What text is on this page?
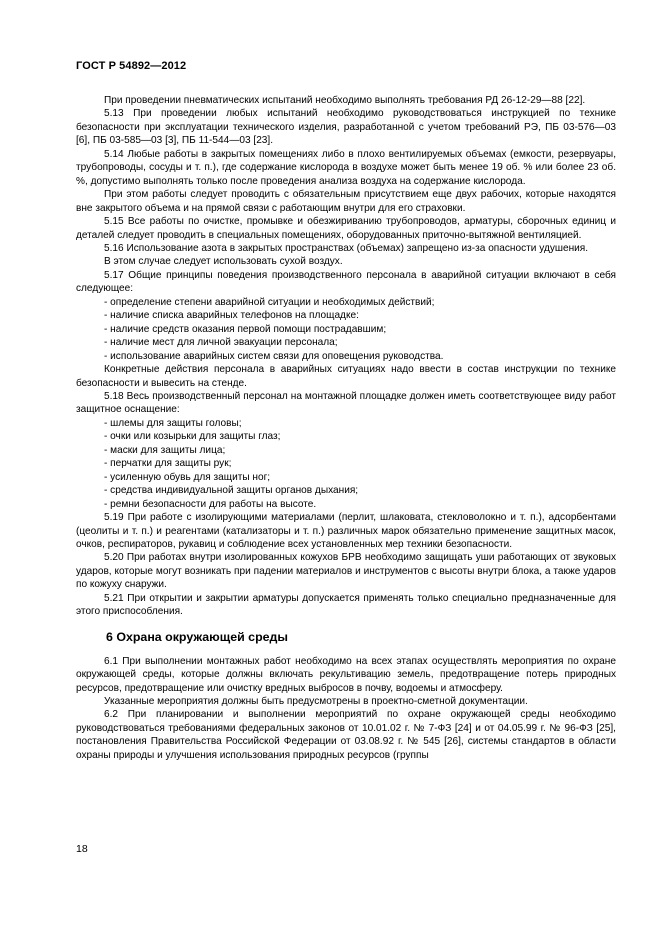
ГОСТ Р 54892—2012

При проведении пневматических испытаний необходимо выполнять требования РД 26-12-29—88 [22].

5.13 При проведении любых испытаний необходимо руководствоваться инструкцией по технике безопасности при эксплуатации технического изделия, разработанной с учетом требований РЭ, ПБ 03-576—03 [6], ПБ 03-585—03 [3], ПБ 11-544—03 [23].

5.14 Любые работы в закрытых помещениях либо в плохо вентилируемых объемах (емкости, резервуары, трубопроводы, сосуды и т. п.), где содержание кислорода в воздухе может быть менее 19 об. % или более 23 об. %, допустимо выполнять только после проведения анализа воздуха на содержание кислорода.

При этом работы следует проводить с обязательным присутствием еще двух рабочих, которые находятся вне закрытого объема и на прямой связи с работающим внутри для его страховки.

5.15 Все работы по очистке, промывке и обезжириванию трубопроводов, арматуры, сборочных единиц и деталей следует проводить в специальных помещениях, оборудованных приточно-вытяжной вентиляцией.

5.16 Использование азота в закрытых пространствах (объемах) запрещено из-за опасности удушения.

В этом случае следует использовать сухой воздух.

5.17 Общие принципы поведения производственного персонала в аварийной ситуации включают в себя следующее:

- определение степени аварийной ситуации и необходимых действий;

- наличие списка аварийных телефонов на площадке:

- наличие средств оказания первой помощи пострадавшим;

- наличие мест для личной эвакуации персонала;

- использование аварийных систем связи для оповещения руководства.

Конкретные действия персонала в аварийных ситуациях надо ввести в состав инструкции по технике безопасности и вывесить на стенде.

5.18 Весь производственный персонал на монтажной площадке должен иметь соответствующее виду работ защитное оснащение:

- шлемы для защиты головы;

- очки или козырьки для защиты глаз;

- маски для защиты лица;

- перчатки для защиты рук;

- усиленную обувь для защиты ног;

- средства индивидуальной защиты органов дыхания;

- ремни безопасности для работы на высоте.

5.19 При работе с изолирующими материалами (перлит, шлаковата, стекловолокно и т. п.), адсорбентами (цеолиты и т. п.) и реагентами (катализаторы и т. п.) различных марок обязательно применение защитных масок, очков, респираторов, рукавиц и соблюдение всех установленных мер техники безопасности.

5.20 При работах внутри изолированных кожухов БРВ необходимо защищать уши работающих от звуковых ударов, которые могут возникать при падении материалов и инструментов с высоты внутри блока, а также ударов по кожуху снаружи.

5.21 При открытии и закрытии арматуры допускается применять только специально предназначенные для этого приспособления.

6 Охрана окружающей среды

6.1 При выполнении монтажных работ необходимо на всех этапах осуществлять мероприятия по охране окружающей среды, которые должны включать рекультивацию земель, предотвращение потерь природных ресурсов, предотвращение или очистку вредных выбросов в почву, водоемы и атмосферу.

Указанные мероприятия должны быть предусмотрены в проектно-сметной документации.

6.2 При планировании и выполнении мероприятий по охране окружающей среды необходимо руководствоваться требованиями федеральных законов от 10.01.02 г. № 7-ФЗ [24] и от 04.05.99 г. № 96-ФЗ [25], постановления Правительства Российской Федерации от 03.08.92 г. № 545 [26], системы стандартов в области охраны природы и улучшения использования природных ресурсов (группы

18
